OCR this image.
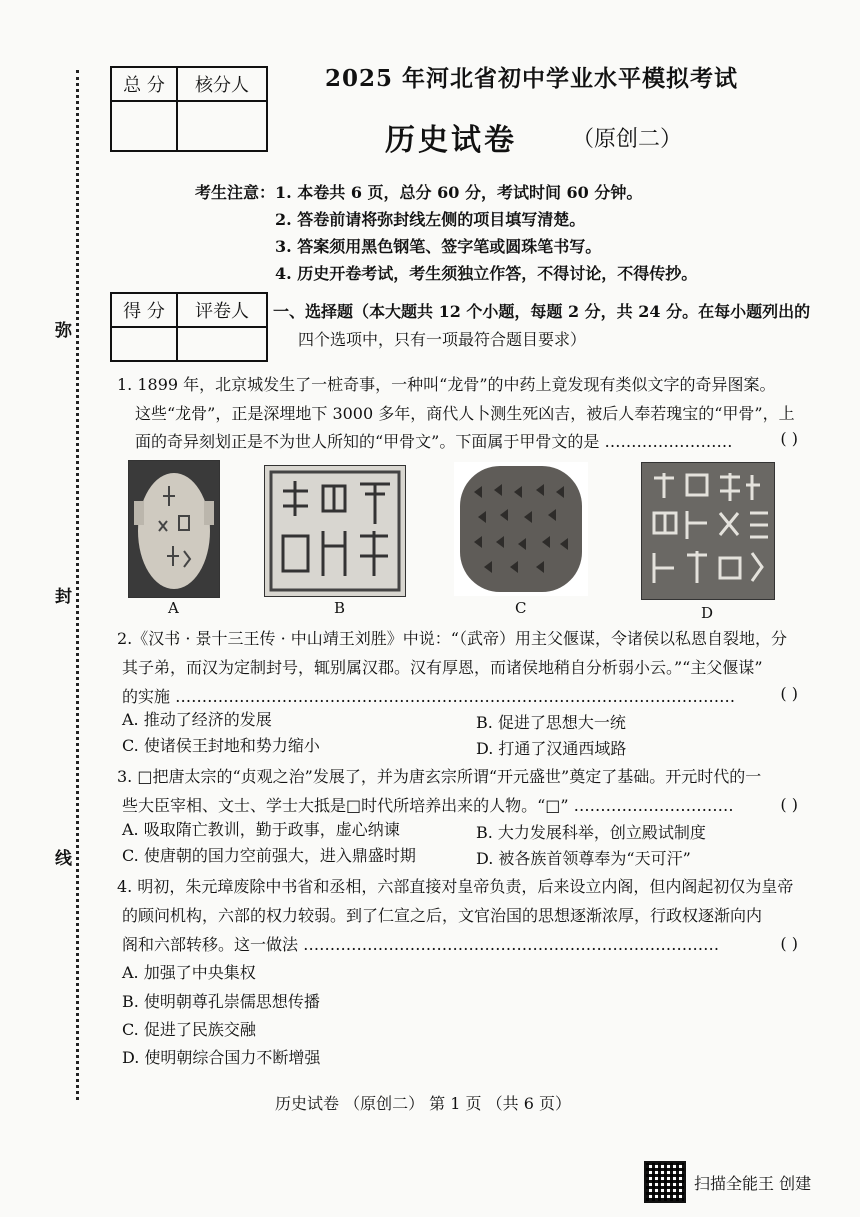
弥
封
线
总 分	核分人
		2025 年河北省初中学业水平模拟考试
历史试卷	（原创二）
考生注意： 1. 本卷共 6 页，总分 60 分，考试时间 60 分钟。
2. 答卷前请将弥封线左侧的项目填写清楚。
3. 答案须用黑色钢笔、签字笔或圆珠笔书写。
4. 历史开卷考试，考生须独立作答，不得讨论，不得传抄。
得 分	评卷人
	一、选择题（本大题共 12 个小题，每题 2 分，共 24 分。在每小题列出的
四个选项中，只有一项最符合题目要求）
1. 1899 年，北京城发生了一桩奇事，一种叫“龙骨”的中药上竟发现有类似文字的奇异图案。
这些“龙骨”，正是深埋地下 3000 多年，商代人卜测生死凶吉，被后人奉若瑰宝的“甲骨”，上
面的奇异刻划正是不为世人所知的“甲骨文”。下面属于甲骨文的是 ……………………	( )
A	B	C	D
2.《汉书 · 景十三王传 · 中山靖王刘胜》中说：“（武帝）用主父偃谋，令诸侯以私恩自裂地，分
其子弟，而汉为定制封号，辄别属汉郡。汉有厚恩，而诸侯地稍自分析弱小云。”“主父偃谋”
的实施 ……………………………………………………………………………………………	( )
A. 推动了经济的发展	B. 促进了思想大一统
C. 使诸侯王封地和势力缩小	D. 打通了汉通西域路
3. □把唐太宗的“贞观之治”发展了，并为唐玄宗所谓“开元盛世”奠定了基础。开元时代的一
些大臣宰相、文士、学士大抵是□时代所培养出来的人物。“□” …………………………	( )
A. 吸取隋亡教训，勤于政事，虚心纳谏	B. 大力发展科举，创立殿试制度
C. 使唐朝的国力空前强大，进入鼎盛时期	D. 被各族首领尊奉为“天可汗”
4. 明初，朱元璋废除中书省和丞相，六部直接对皇帝负责，后来设立内阁，但内阁起初仅为皇帝
的顾问机构，六部的权力较弱。到了仁宣之后，文官治国的思想逐渐浓厚，行政权逐渐向内
阁和六部转移。这一做法 ……………………………………………………………………	( )
A. 加强了中央集权
B. 使明朝尊孔崇儒思想传播
C. 促进了民族交融
D. 使明朝综合国力不断增强
历史试卷 （原创二） 第 1 页 （共 6 页）
扫描全能王 创建
